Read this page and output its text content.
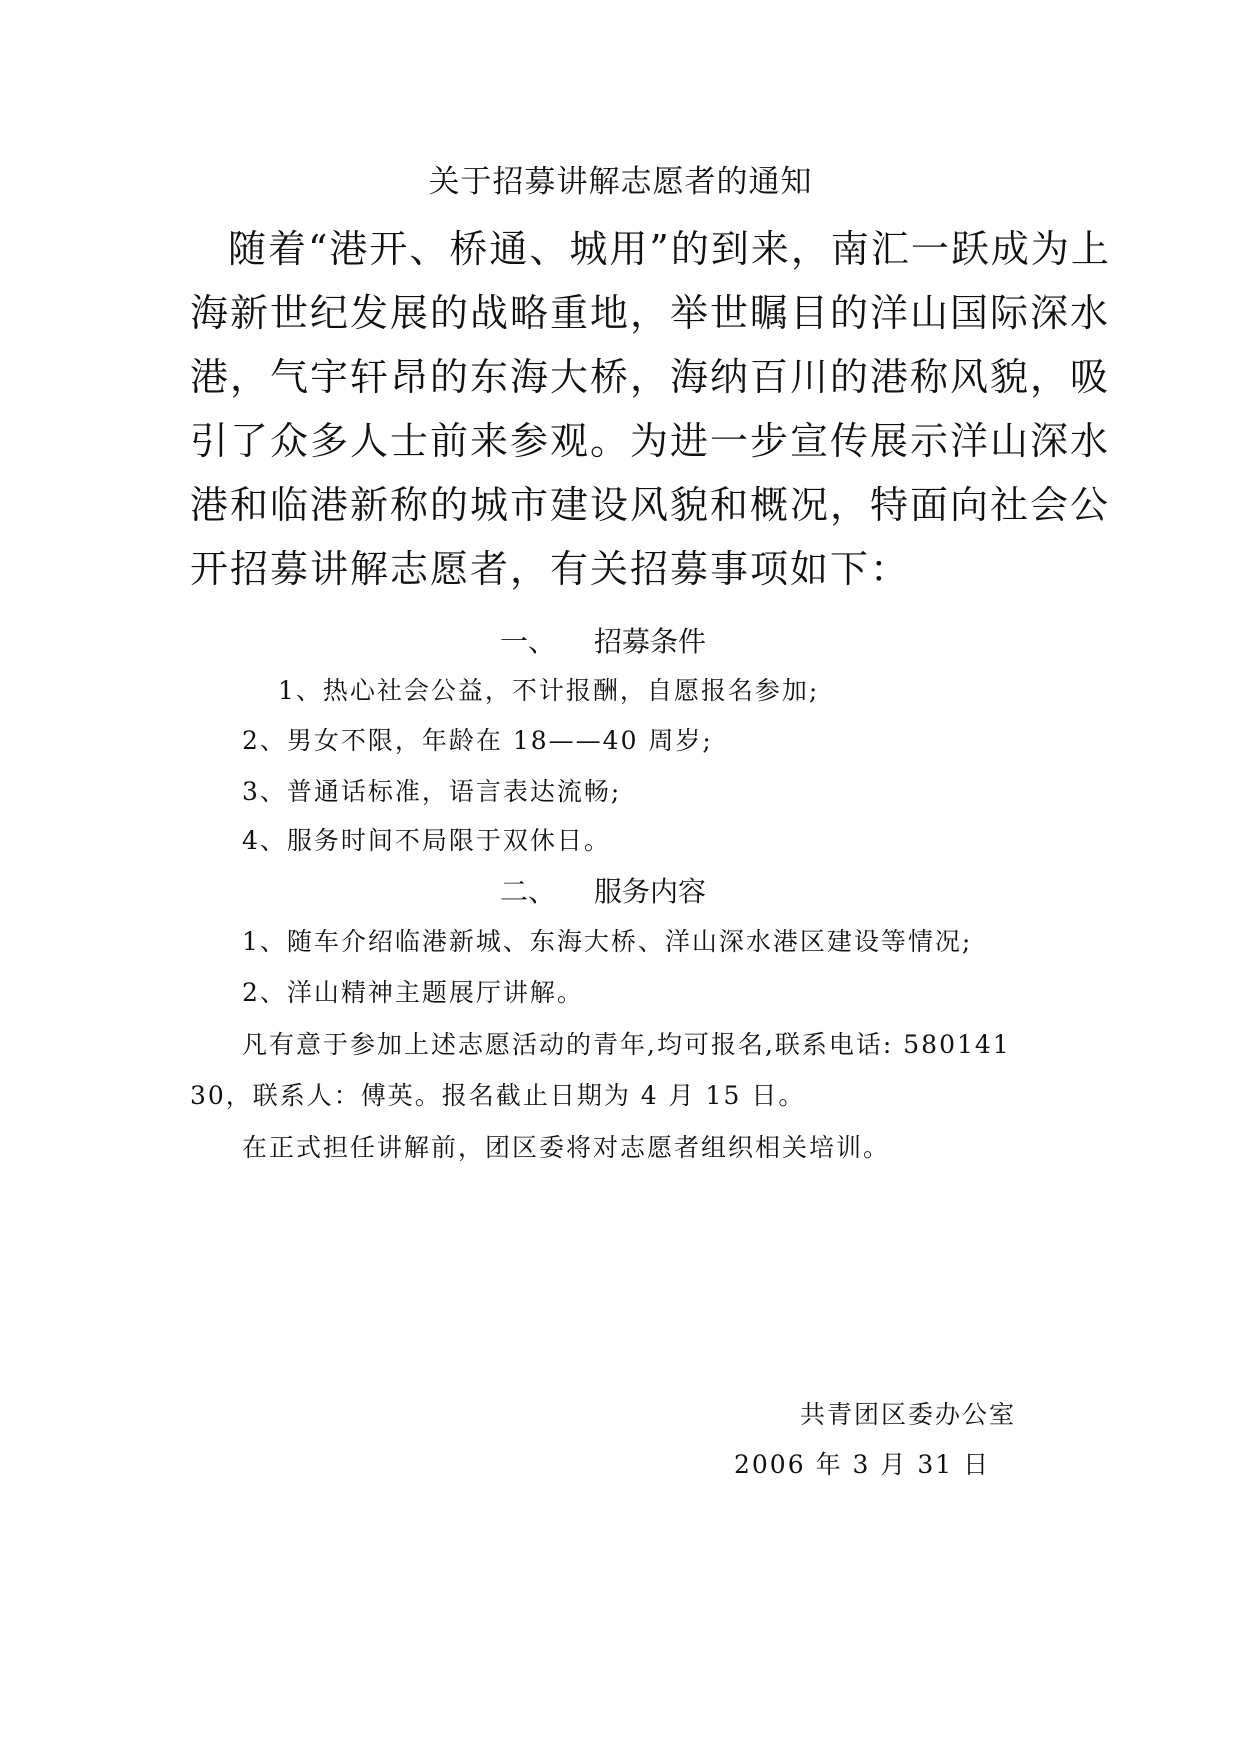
关于招募讲解志愿者的通知
随着“港开、桥通、城用”的到来，南汇一跃成为上
海新世纪发展的战略重地，举世瞩目的洋山国际深水
港，气宇轩昂的东海大桥，海纳百川的港称风貌，吸
引了众多人士前来参观。为进一步宣传展示洋山深水
港和临港新称的城市建设风貌和概况，特面向社会公
开招募讲解志愿者，有关招募事项如下：
一、 招募条件
1、热心社会公益，不计报酬，自愿报名参加;
2、男女不限，年龄在 18——40 周岁;
3、普通话标准，语言表达流畅;
4、服务时间不局限于双休日。
二、 服务内容
1、随车介绍临港新城、东海大桥、洋山深水港区建设等情况;
2、洋山精神主题展厅讲解。
凡有意于参加上述志愿活动的青年,均可报名,联系电话: 580141
30，联系人：傅英。报名截止日期为 4 月 15 日。
在正式担任讲解前，团区委将对志愿者组织相关培训。
共青团区委办公室
2006 年 3 月 31 日
